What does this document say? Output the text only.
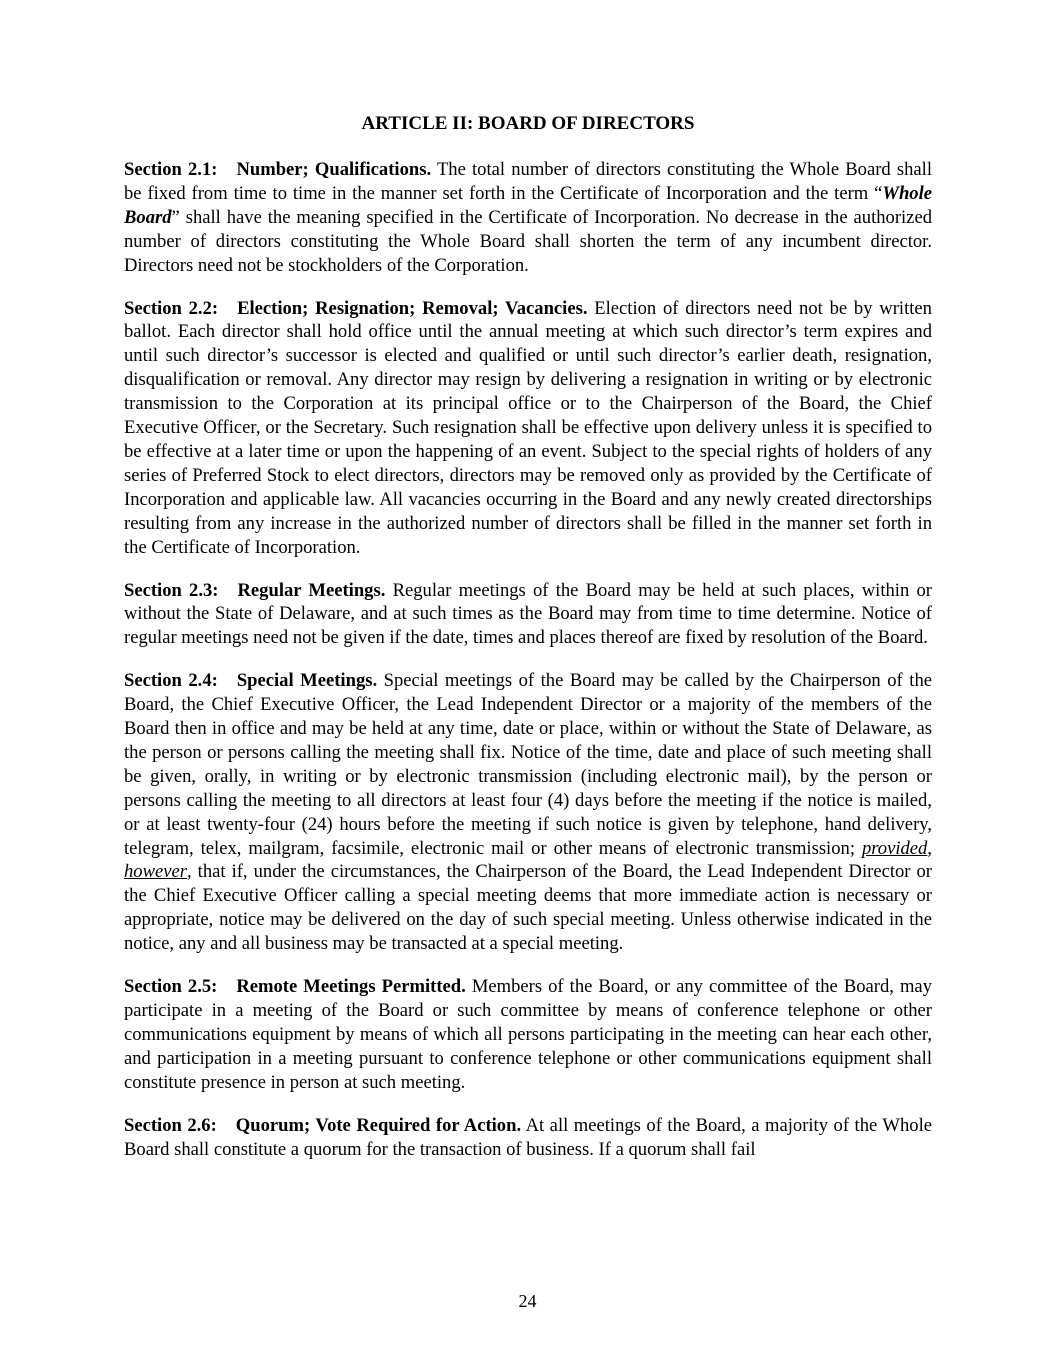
ARTICLE II: BOARD OF DIRECTORS

Section 2.1: Number; Qualifications. The total number of directors constituting the Whole Board shall be fixed from time to time in the manner set forth in the Certificate of Incorporation and the term “Whole Board” shall have the meaning specified in the Certificate of Incorporation. No decrease in the authorized number of directors constituting the Whole Board shall shorten the term of any incumbent director. Directors need not be stockholders of the Corporation.

Section 2.2: Election; Resignation; Removal; Vacancies. Election of directors need not be by written ballot. Each director shall hold office until the annual meeting at which such director’s term expires and until such director’s successor is elected and qualified or until such director’s earlier death, resignation, disqualification or removal. Any director may resign by delivering a resignation in writing or by electronic transmission to the Corporation at its principal office or to the Chairperson of the Board, the Chief Executive Officer, or the Secretary. Such resignation shall be effective upon delivery unless it is specified to be effective at a later time or upon the happening of an event. Subject to the special rights of holders of any series of Preferred Stock to elect directors, directors may be removed only as provided by the Certificate of Incorporation and applicable law. All vacancies occurring in the Board and any newly created directorships resulting from any increase in the authorized number of directors shall be filled in the manner set forth in the Certificate of Incorporation.

Section 2.3: Regular Meetings. Regular meetings of the Board may be held at such places, within or without the State of Delaware, and at such times as the Board may from time to time determine. Notice of regular meetings need not be given if the date, times and places thereof are fixed by resolution of the Board.

Section 2.4: Special Meetings. Special meetings of the Board may be called by the Chairperson of the Board, the Chief Executive Officer, the Lead Independent Director or a majority of the members of the Board then in office and may be held at any time, date or place, within or without the State of Delaware, as the person or persons calling the meeting shall fix. Notice of the time, date and place of such meeting shall be given, orally, in writing or by electronic transmission (including electronic mail), by the person or persons calling the meeting to all directors at least four (4) days before the meeting if the notice is mailed, or at least twenty-four (24) hours before the meeting if such notice is given by telephone, hand delivery, telegram, telex, mailgram, facsimile, electronic mail or other means of electronic transmission; provided, however, that if, under the circumstances, the Chairperson of the Board, the Lead Independent Director or the Chief Executive Officer calling a special meeting deems that more immediate action is necessary or appropriate, notice may be delivered on the day of such special meeting. Unless otherwise indicated in the notice, any and all business may be transacted at a special meeting.

Section 2.5: Remote Meetings Permitted. Members of the Board, or any committee of the Board, may participate in a meeting of the Board or such committee by means of conference telephone or other communications equipment by means of which all persons participating in the meeting can hear each other, and participation in a meeting pursuant to conference telephone or other communications equipment shall constitute presence in person at such meeting.

Section 2.6: Quorum; Vote Required for Action. At all meetings of the Board, a majority of the Whole Board shall constitute a quorum for the transaction of business. If a quorum shall fail

24
